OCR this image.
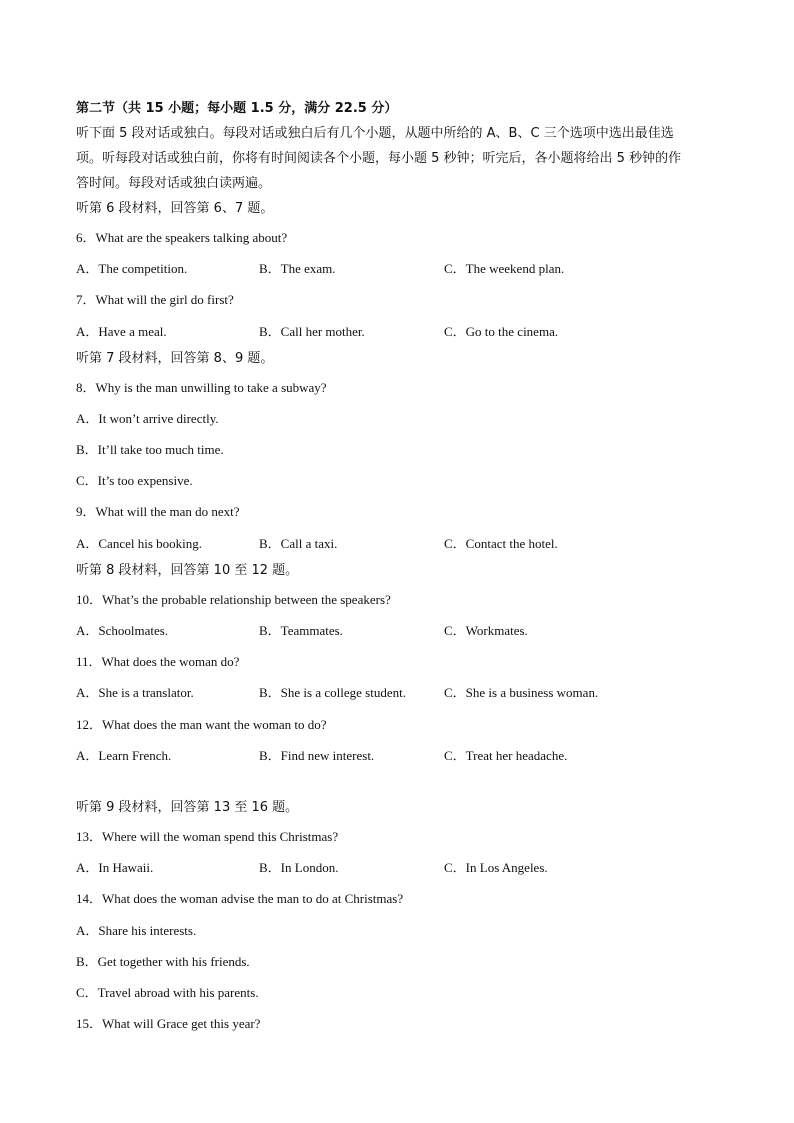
第二节（共 15 小题；每小题 1.5 分，满分 22.5 分）
听下面 5 段对话或独白。每段对话或独白后有几个小题，从题中所给的 A、B、C 三个选项中选出最佳选
项。听每段对话或独白前，你将有时间阅读各个小题，每小题 5 秒钟；听完后，各小题将给出 5 秒钟的作
答时间。每段对话或独白读两遍。
听第 6 段材料，回答第 6、7 题。
6．What are the speakers talking about?
A．The competition.	B．The exam.	C．The weekend plan.
7．What will the girl do first?
A．Have a meal.	B．Call her mother.	C．Go to the cinema.
听第 7 段材料，回答第 8、9 题。
8．Why is the man unwilling to take a subway?
A．It won’t arrive directly.
B．It’ll take too much time.
C．It’s too expensive.
9．What will the man do next?
A．Cancel his booking.	B．Call a taxi.	C．Contact the hotel.
听第 8 段材料，回答第 10 至 12 题。
10．What’s the probable relationship between the speakers?
A．Schoolmates.	B．Teammates.	C．Workmates.
11．What does the woman do?
A．She is a translator.	B．She is a college student.	C．She is a business woman.
12．What does the man want the woman to do?
A．Learn French.	B．Find new interest.	C．Treat her headache.
听第 9 段材料，回答第 13 至 16 题。
13．Where will the woman spend this Christmas?
A．In Hawaii.	B．In London.	C．In Los Angeles.
14．What does the woman advise the man to do at Christmas?
A．Share his interests.
B．Get together with his friends.
C．Travel abroad with his parents.
15．What will Grace get this year?
